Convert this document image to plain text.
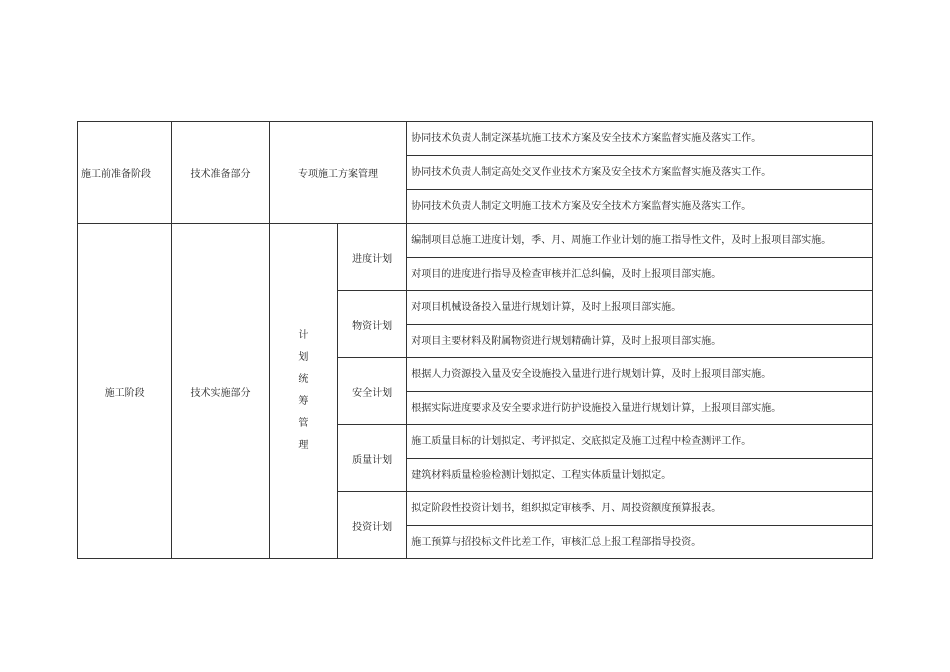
施工前准备阶段	技术准备部分	专项施工方案管理		协同技术负责人制定深基坑施工技术方案及安全技术方案监督实施及落实工作。
				协同技术负责人制定高处交叉作业技术方案及安全技术方案监督实施及落实工作。
				协同技术负责人制定文明施工技术方案及安全技术方案监督实施及落实工作。
施工阶段	技术实施部分	计划统筹管理	进度计划	编制项目总施工进度计划，季、月、周施工作业计划的施工指导性文件，及时上报项目部实施。
				对项目的进度进行指导及检查审核并汇总纠偏，及时上报项目部实施。
			物资计划	对项目机械设备投入量进行规划计算，及时上报项目部实施。
				对项目主要材料及附属物资进行规划精确计算，及时上报项目部实施。
			安全计划	根据人力资源投入量及安全设施投入量进行进行规划计算，及时上报项目部实施。
				根据实际进度要求及安全要求进行防护设施投入量进行规划计算，上报项目部实施。
			质量计划	施工质量目标的计划拟定、考评拟定、交底拟定及施工过程中检查测评工作。
				建筑材料质量检验检测计划拟定、工程实体质量计划拟定。
			投资计划	拟定阶段性投资计划书，组织拟定审核季、月、周投资额度预算报表。
				施工预算与招投标文件比差工作，审核汇总上报工程部指导投资。
